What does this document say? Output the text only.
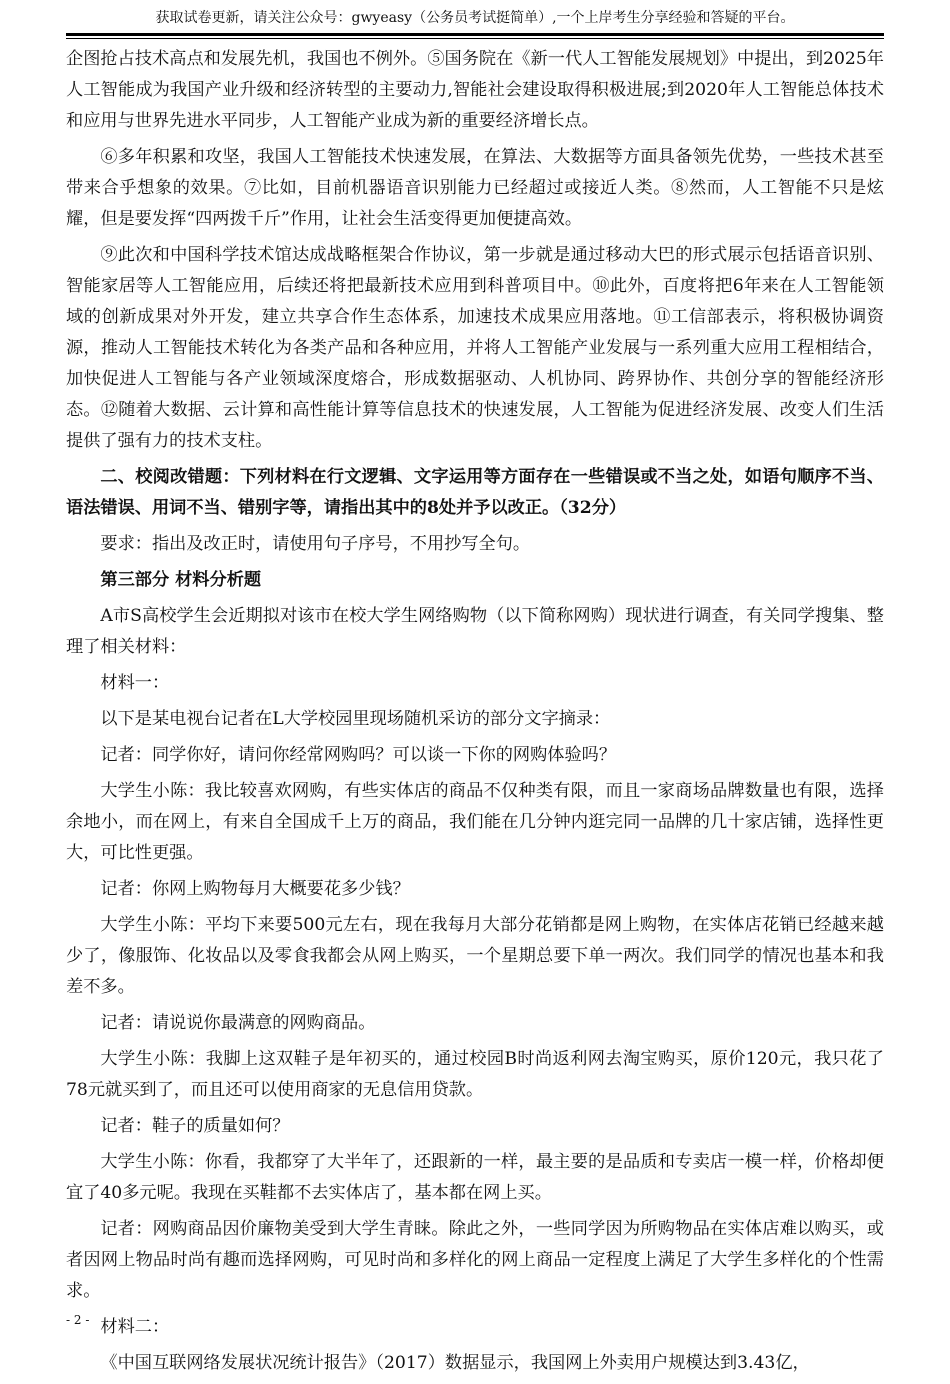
获取试卷更新，请关注公众号：gwyeasy（公务员考试挺简单）,一个上岸考生分享经验和答疑的平台。

企图抢占技术高点和发展先机，我国也不例外。⑤国务院在《新一代人工智能发展规划》中提出，到2025年人工智能成为我国产业升级和经济转型的主要动力,智能社会建设取得积极进展;到2020年人工智能总体技术和应用与世界先进水平同步，人工智能产业成为新的重要经济增长点。

⑥多年积累和攻坚，我国人工智能技术快速发展，在算法、大数据等方面具备领先优势，一些技术甚至带来合乎想象的效果。⑦比如，目前机器语音识别能力已经超过或接近人类。⑧然而，人工智能不只是炫耀，但是要发挥“四两拨千斤”作用，让社会生活变得更加便捷高效。

⑨此次和中国科学技术馆达成战略框架合作协议，第一步就是通过移动大巴的形式展示包括语音识别、智能家居等人工智能应用，后续还将把最新技术应用到科普项目中。⑩此外，百度将把6年来在人工智能领域的创新成果对外开发，建立共享合作生态体系，加速技术成果应用落地。⑪工信部表示，将积极协调资源，推动人工智能技术转化为各类产品和各种应用，并将人工智能产业发展与一系列重大应用工程相结合，加快促进人工智能与各产业领域深度熔合，形成数据驱动、人机协同、跨界协作、共创分享的智能经济形态。⑫随着大数据、云计算和高性能计算等信息技术的快速发展，人工智能为促进经济发展、改变人们生活提供了强有力的技术支柱。

二、校阅改错题：下列材料在行文逻辑、文字运用等方面存在一些错误或不当之处，如语句顺序不当、语法错误、用词不当、错别字等，请指出其中的8处并予以改正。（32分）

要求：指出及改正时，请使用句子序号，不用抄写全句。

第三部分 材料分析题

A市S高校学生会近期拟对该市在校大学生网络购物（以下简称网购）现状进行调查，有关同学搜集、整理了相关材料：

材料一：

以下是某电视台记者在L大学校园里现场随机采访的部分文字摘录：

记者：同学你好，请问你经常网购吗？可以谈一下你的网购体验吗？

大学生小陈：我比较喜欢网购，有些实体店的商品不仅种类有限，而且一家商场品牌数量也有限，选择余地小，而在网上，有来自全国成千上万的商品，我们能在几分钟内逛完同一品牌的几十家店铺，选择性更大，可比性更强。

记者：你网上购物每月大概要花多少钱？

大学生小陈：平均下来要500元左右，现在我每月大部分花销都是网上购物，在实体店花销已经越来越少了，像服饰、化妆品以及零食我都会从网上购买，一个星期总要下单一两次。我们同学的情况也基本和我差不多。

记者：请说说你最满意的网购商品。

大学生小陈：我脚上这双鞋子是年初买的，通过校园B时尚返利网去淘宝购买，原价120元，我只花了78元就买到了，而且还可以使用商家的无息信用贷款。

记者：鞋子的质量如何？

大学生小陈：你看，我都穿了大半年了，还跟新的一样，最主要的是品质和专卖店一模一样，价格却便宜了40多元呢。我现在买鞋都不去实体店了，基本都在网上买。

记者：网购商品因价廉物美受到大学生青睐。除此之外，一些同学因为所购物品在实体店难以购买，或者因网上物品时尚有趣而选择网购，可见时尚和多样化的网上商品一定程度上满足了大学生多样化的个性需求。

材料二：

《中国互联网络发展状况统计报告》（2017）数据显示，我国网上外卖用户规模达到3.43亿，

- 2 -
